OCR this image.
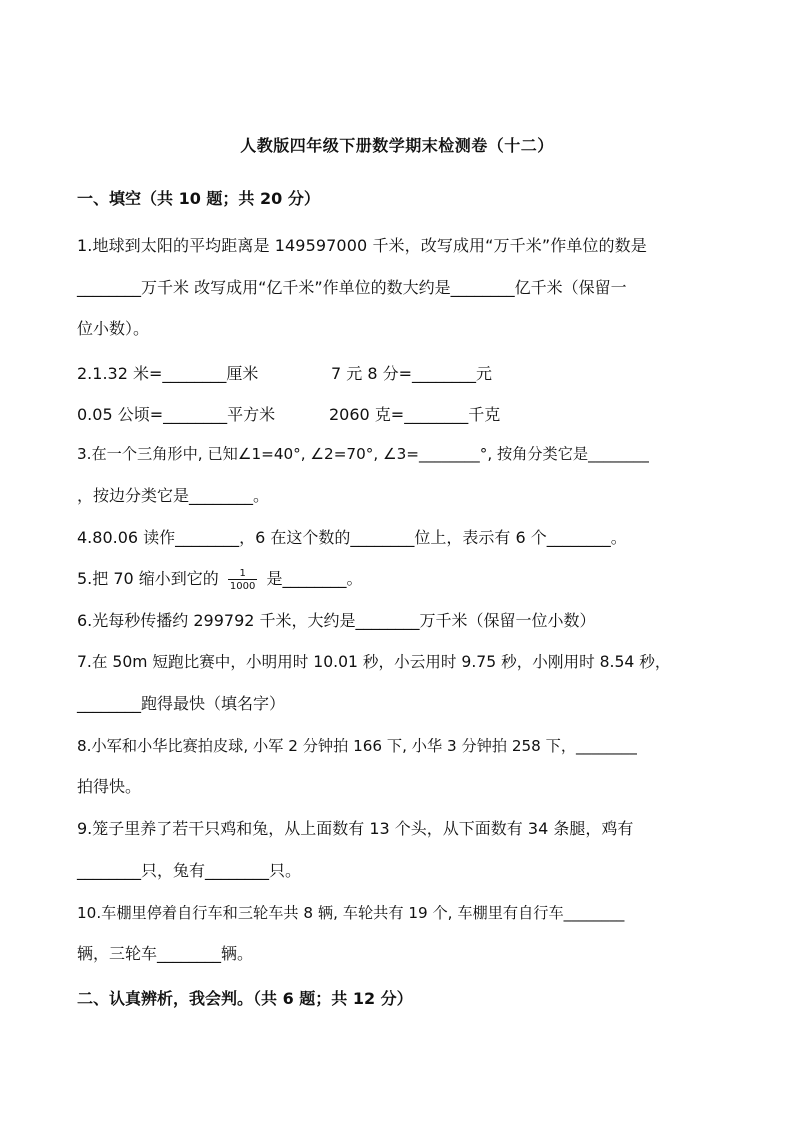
人教版四年级下册数学期末检测卷（十二）
一、填空（共 10 题；共 20 分）
1.地球到太阳的平均距离是 149597000 千米，改写成用“万千米”作单位的数是
________万千米 改写成用“亿千米”作单位的数大约是________亿千米（保留一
位小数）。
2.1.32 米=________厘米	7 元 8 分=________元
0.05 公顷=________平方米	2060 克=________千克
3.在一个三角形中, 已知∠1=40°, ∠2=70°, ∠3=________°, 按角分类它是________
，按边分类它是________。
4.80.06 读作________，6 在这个数的________位上，表示有 6 个________。
5.把 70 缩小到它的 $\frac{1}{1000}$ 是________。
6.光每秒传播约 299792 千米，大约是________万千米（保留一位小数）
7.在 50m 短跑比赛中，小明用时 10.01 秒，小云用时 9.75 秒，小刚用时 8.54 秒，
________跑得最快（填名字）
8.小军和小华比赛拍皮球, 小军 2 分钟拍 166 下, 小华 3 分钟拍 258 下，________
拍得快。
9.笼子里养了若干只鸡和兔，从上面数有 13 个头，从下面数有 34 条腿，鸡有
________只，兔有________只。
10.车棚里停着自行车和三轮车共 8 辆, 车轮共有 19 个, 车棚里有自行车________
辆，三轮车________辆。
二、认真辨析，我会判。（共 6 题；共 12 分）
